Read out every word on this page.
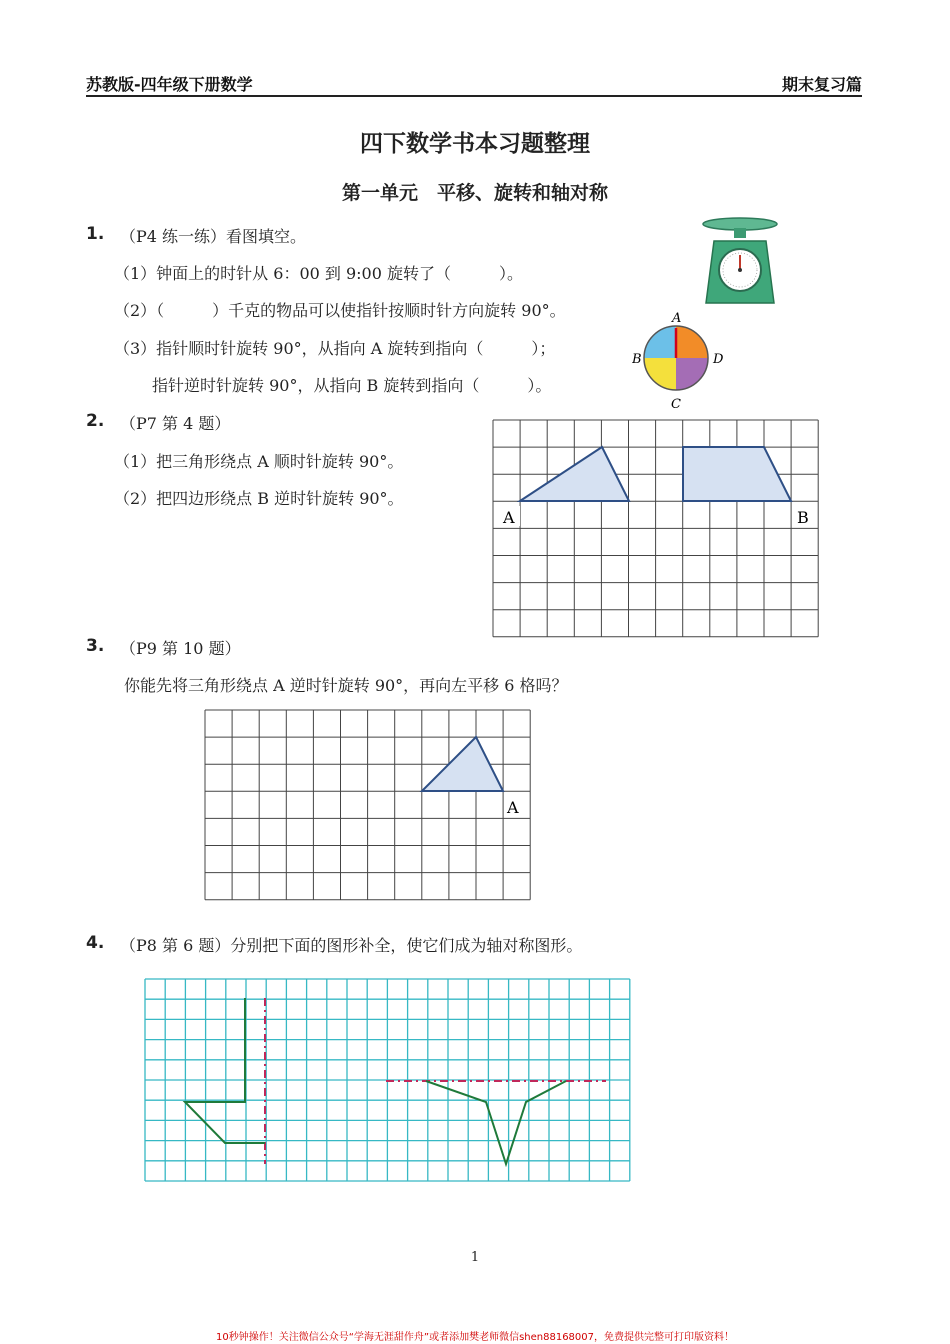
苏教版-四年级下册数学	期末复习篇
四下数学书本习题整理
第一单元　平移、旋转和轴对称
1. （P4 练一练）看图填空。
（1）钟面上的时针从 6：00 到 9:00 旋转了（　　　）。
（2）（　　　）千克的物品可以使指针按顺时针方向旋转 90°。
（3）指针顺时针旋转 90°，从指向 A 旋转到指向（　　　）；
指针逆时针旋转 90°，从指向 B 旋转到指向（　　　）。
A
B
C
D
2. （P7 第 4 题）
（1）把三角形绕点 A 顺时针旋转 90°。
（2）把四边形绕点 B 逆时针旋转 90°。
A	B
3. （P9 第 10 题）
你能先将三角形绕点 A 逆时针旋转 90°，再向左平移 6 格吗？
A
4. （P8 第 6 题）分别把下面的图形补全，使它们成为轴对称图形。
1
10秒钟操作！关注微信公众号“学海无涯甜作舟”或者添加樊老师微信shen88168007，免费提供完整可打印版资料！
